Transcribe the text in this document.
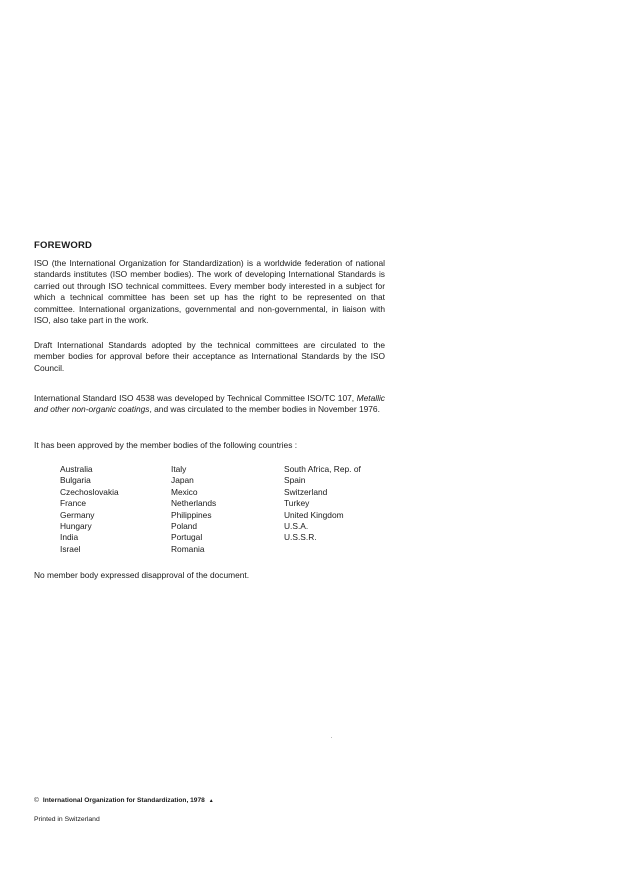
FOREWORD

ISO (the International Organization for Standardization) is a worldwide federation of national standards institutes (ISO member bodies). The work of developing International Standards is carried out through ISO technical committees. Every member body interested in a subject for which a technical committee has been set up has the right to be represented on that committee. International organizations, governmental and non-governmental, in liaison with ISO, also take part in the work.

Draft International Standards adopted by the technical committees are circulated to the member bodies for approval before their acceptance as International Standards by the ISO Council.

International Standard ISO 4538 was developed by Technical Committee ISO/TC 107, Metallic and other non-organic coatings, and was circulated to the member bodies in November 1976.

It has been approved by the member bodies of the following countries :

Australia
Bulgaria
Czechoslovakia
France
Germany
Hungary
India
Israel
Italy
Japan
Mexico
Netherlands
Philippines
Poland
Portugal
Romania
South Africa, Rep. of
Spain
Switzerland
Turkey
United Kingdom
U.S.A.
U.S.S.R.

No member body expressed disapproval of the document.

© International Organization for Standardization, 1978 ▲
Printed in Switzerland
